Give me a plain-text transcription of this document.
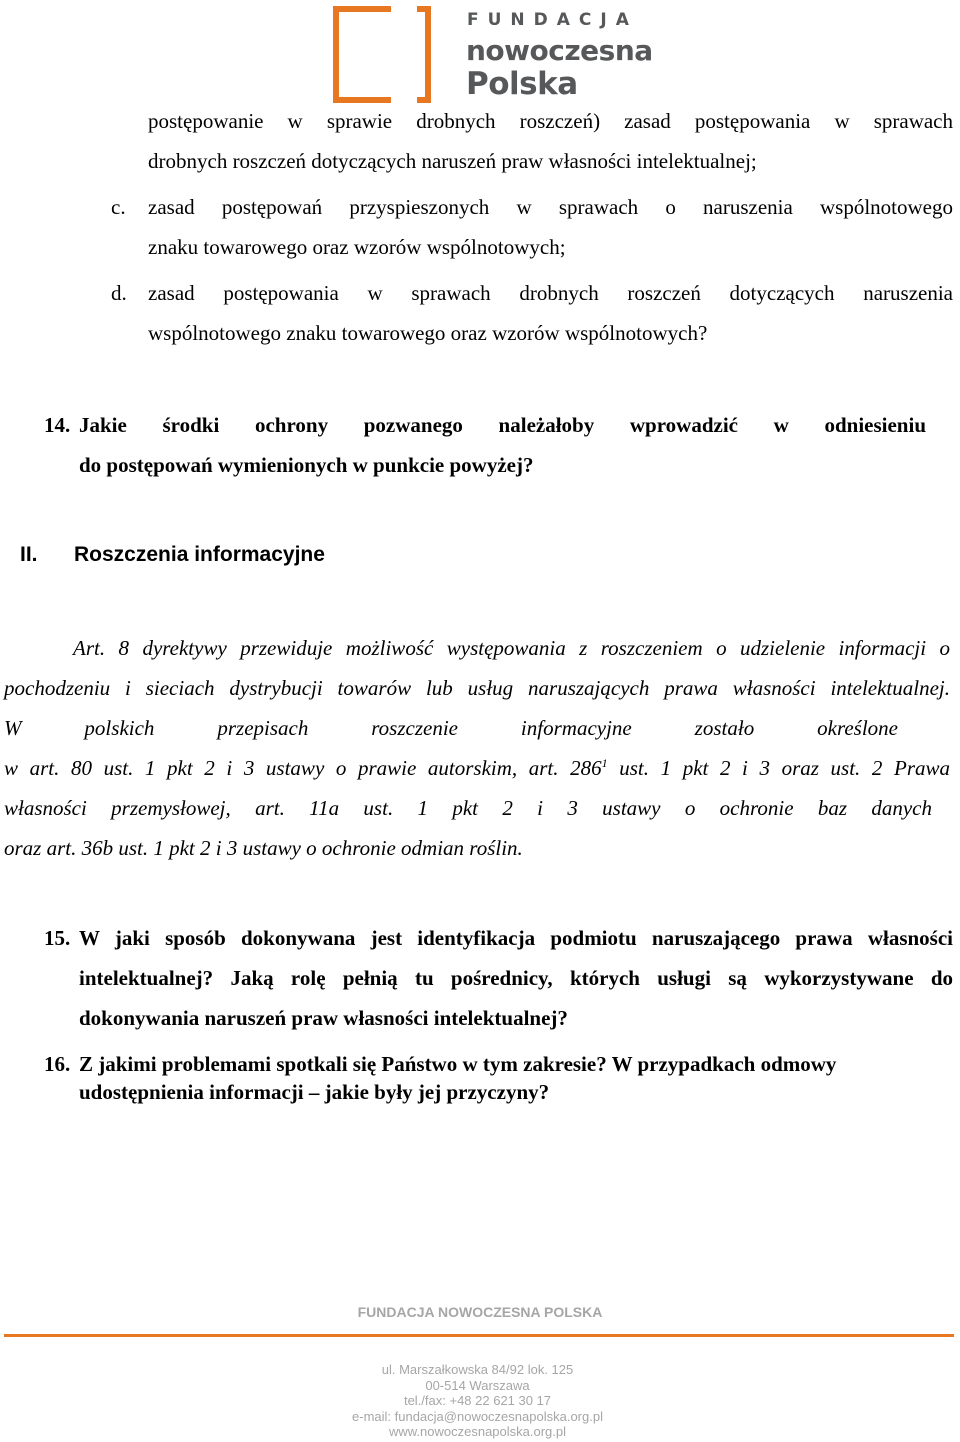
FUNDACJA
nowoczesna
Polska
postępowanie w sprawie drobnych roszczeń) zasad postępowania w sprawach
drobnych roszczeń dotyczących naruszeń praw własności intelektualnej;
c. zasad postępowań przyspieszonych w sprawach o naruszenia wspólnotowego
znaku towarowego oraz wzorów wspólnotowych;
d. zasad postępowania w sprawach drobnych roszczeń dotyczących naruszenia
wspólnotowego znaku towarowego oraz wzorów wspólnotowych?
14. Jakie środki ochrony pozwanego należałoby wprowadzić w odniesieniu
do postępowań wymienionych w punkcie powyżej?
II. Roszczenia informacyjne
Art. 8 dyrektywy przewiduje możliwość występowania z roszczeniem o udzielenie informacji o
pochodzeniu i sieciach dystrybucji towarów lub usług naruszających prawa własności intelektualnej.
W polskich przepisach roszczenie informacyjne zostało określone
w art. 80 ust. 1 pkt 2 i 3 ustawy o prawie autorskim, art. $286^1$ ust. 1 pkt 2 i 3 oraz ust. 2 Prawa
własności przemysłowej, art. 11a ust. 1 pkt 2 i 3 ustawy o ochronie baz danych
oraz art. 36b ust. 1 pkt 2 i 3 ustawy o ochronie odmian roślin.
15. W jaki sposób dokonywana jest identyfikacja podmiotu naruszającego prawa własności
intelektualnej? Jaką rolę pełnią tu pośrednicy, których usługi są wykorzystywane do
dokonywania naruszeń praw własności intelektualnej?
16. Z jakimi problemami spotkali się Państwo w tym zakresie? W przypadkach odmowy
udostępnienia informacji – jakie były jej przyczyny?
FUNDACJA NOWOCZESNA POLSKA
ul. Marszałkowska 84/92 lok. 125
00-514 Warszawa
tel./fax: +48 22 621 30 17
e-mail: fundacja@nowoczesnapolska.org.pl
www.nowoczesnapolska.org.pl
